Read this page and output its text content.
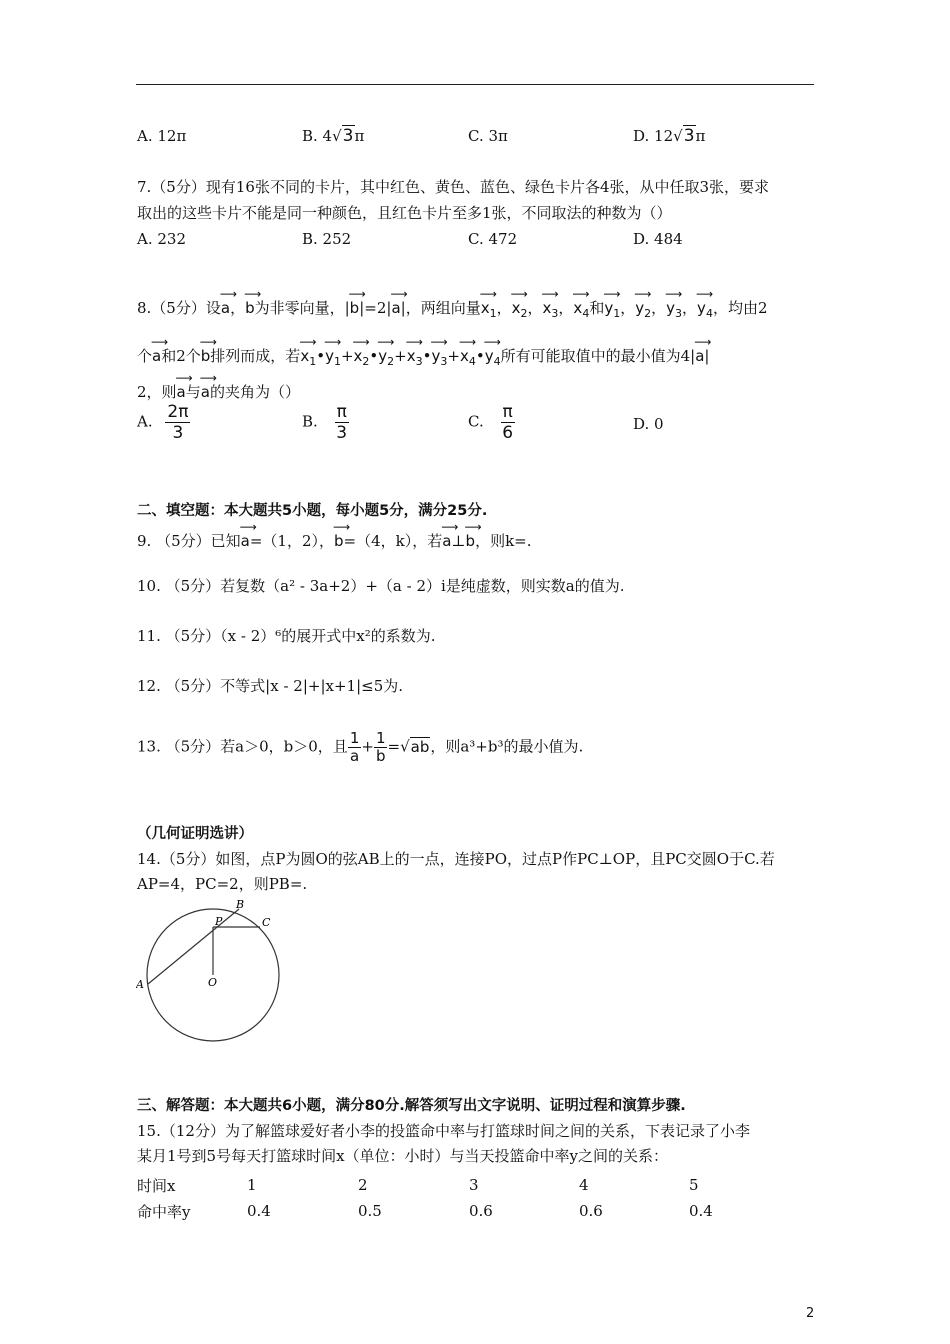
A. 12π	B. 4√3π	C. 3π	D. 12√3π
7.（5分）现有16张不同的卡片，其中红色、黄色、蓝色、绿色卡片各4张，从中任取3张，要求
取出的这些卡片不能是同一种颜色，且红色卡片至多1张，不同取法的种数为（）
A. 232	B. 252	C. 472	D. 484
8.（5分）设⟶ a，⟶ b为非零向量，|⟶ b|=2|⟶ a|，两组向量⟶ $x_1$，⟶ $x_2$，⟶ $x_3$，⟶ $x_4$和⟶ $y_1$，⟶ $y_2$，⟶ $y_3$，⟶ $y_4$，均由2
个⟶ a和2个⟶ b排列而成，若⟶ $x_1•⟶$ $y_1+⟶$ $x_2•⟶$ $y_2+⟶$ $x_3•⟶$ $y_3+⟶$ $x_4•⟶$ $y_4$所有可能取值中的最小值为4|⟶ a|
2，则⟶ a与⟶ a的夹角为（）
A. $\frac{2\pi}{3}$	B. $\frac{\pi}{3}$	C. $\frac{\pi}{6}$	D. 0
二、填空题：本大题共5小题，每小题5分，满分25分.
9. （5分）已知⟶ a=（1，2），⟶ b=（4，k），若⟶ a⊥⟶ b，则k=.
10. （5分）若复数（a² - 3a+2）+（a - 2）i是纯虚数，则实数a的值为.
11. （5分）（x - 2）⁶的展开式中x²的系数为.
12. （5分）不等式|x - 2|+|x+1|≤5为.
13. （5分）若a＞0，b＞0，且 $\frac{1}{a} + \frac{1}{b} =√ab$，则a³+b³的最小值为.
（几何证明选讲）
14.（5分）如图，点P为圆O的弦AB上的一点，连接PO，过点P作PC⊥OP，且PC交圆O于C.若
AP=4，PC=2，则PB=.
A
B
C
P
O
三、解答题：本大题共6小题，满分80分.解答须写出文字说明、证明过程和演算步骤.
15.（12分）为了解篮球爱好者小李的投篮命中率与打篮球时间之间的关系，下表记录了小李
某月1号到5号每天打篮球时间x（单位：小时）与当天投篮命中率y之间的关系：
时间x	1	2	3	4	5
命中率y	0.4	0.5	0.6	0.6	0.4
2
